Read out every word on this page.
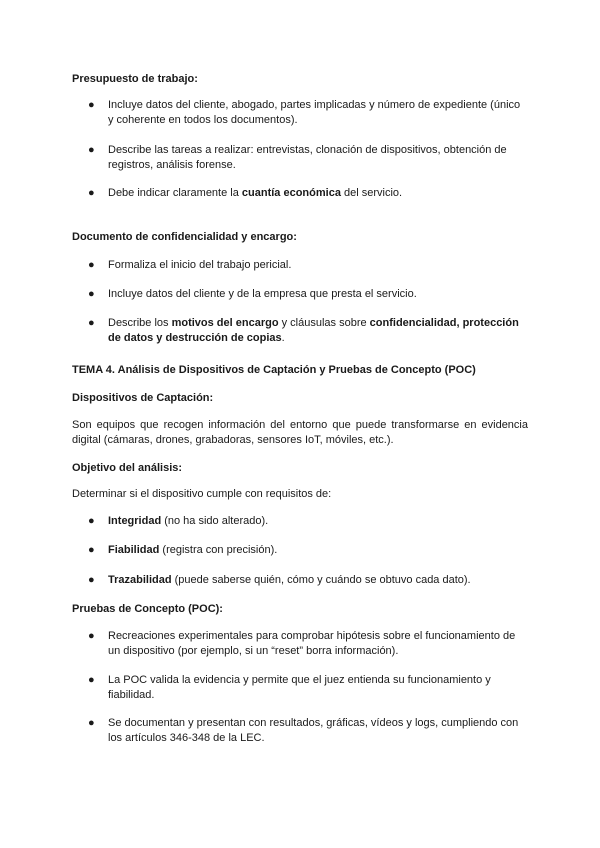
Presupuesto de trabajo:
● Incluye datos del cliente, abogado, partes implicadas y número de expediente (único y coherente en todos los documentos).
● Describe las tareas a realizar: entrevistas, clonación de dispositivos, obtención de registros, análisis forense.
● Debe indicar claramente la cuantía económica del servicio.
Documento de confidencialidad y encargo:
● Formaliza el inicio del trabajo pericial.
● Incluye datos del cliente y de la empresa que presta el servicio.
● Describe los motivos del encargo y cláusulas sobre confidencialidad, protección de datos y destrucción de copias.
TEMA 4. Análisis de Dispositivos de Captación y Pruebas de Concepto (POC)
Dispositivos de Captación:
Son equipos que recogen información del entorno que puede transformarse en evidencia digital (cámaras, drones, grabadoras, sensores IoT, móviles, etc.).
Objetivo del análisis:
Determinar si el dispositivo cumple con requisitos de:
● Integridad (no ha sido alterado).
● Fiabilidad (registra con precisión).
● Trazabilidad (puede saberse quién, cómo y cuándo se obtuvo cada dato).
Pruebas de Concepto (POC):
● Recreaciones experimentales para comprobar hipótesis sobre el funcionamiento de un dispositivo (por ejemplo, si un “reset” borra información).
● La POC valida la evidencia y permite que el juez entienda su funcionamiento y fiabilidad.
● Se documentan y presentan con resultados, gráficas, vídeos y logs, cumpliendo con los artículos 346-348 de la LEC.
